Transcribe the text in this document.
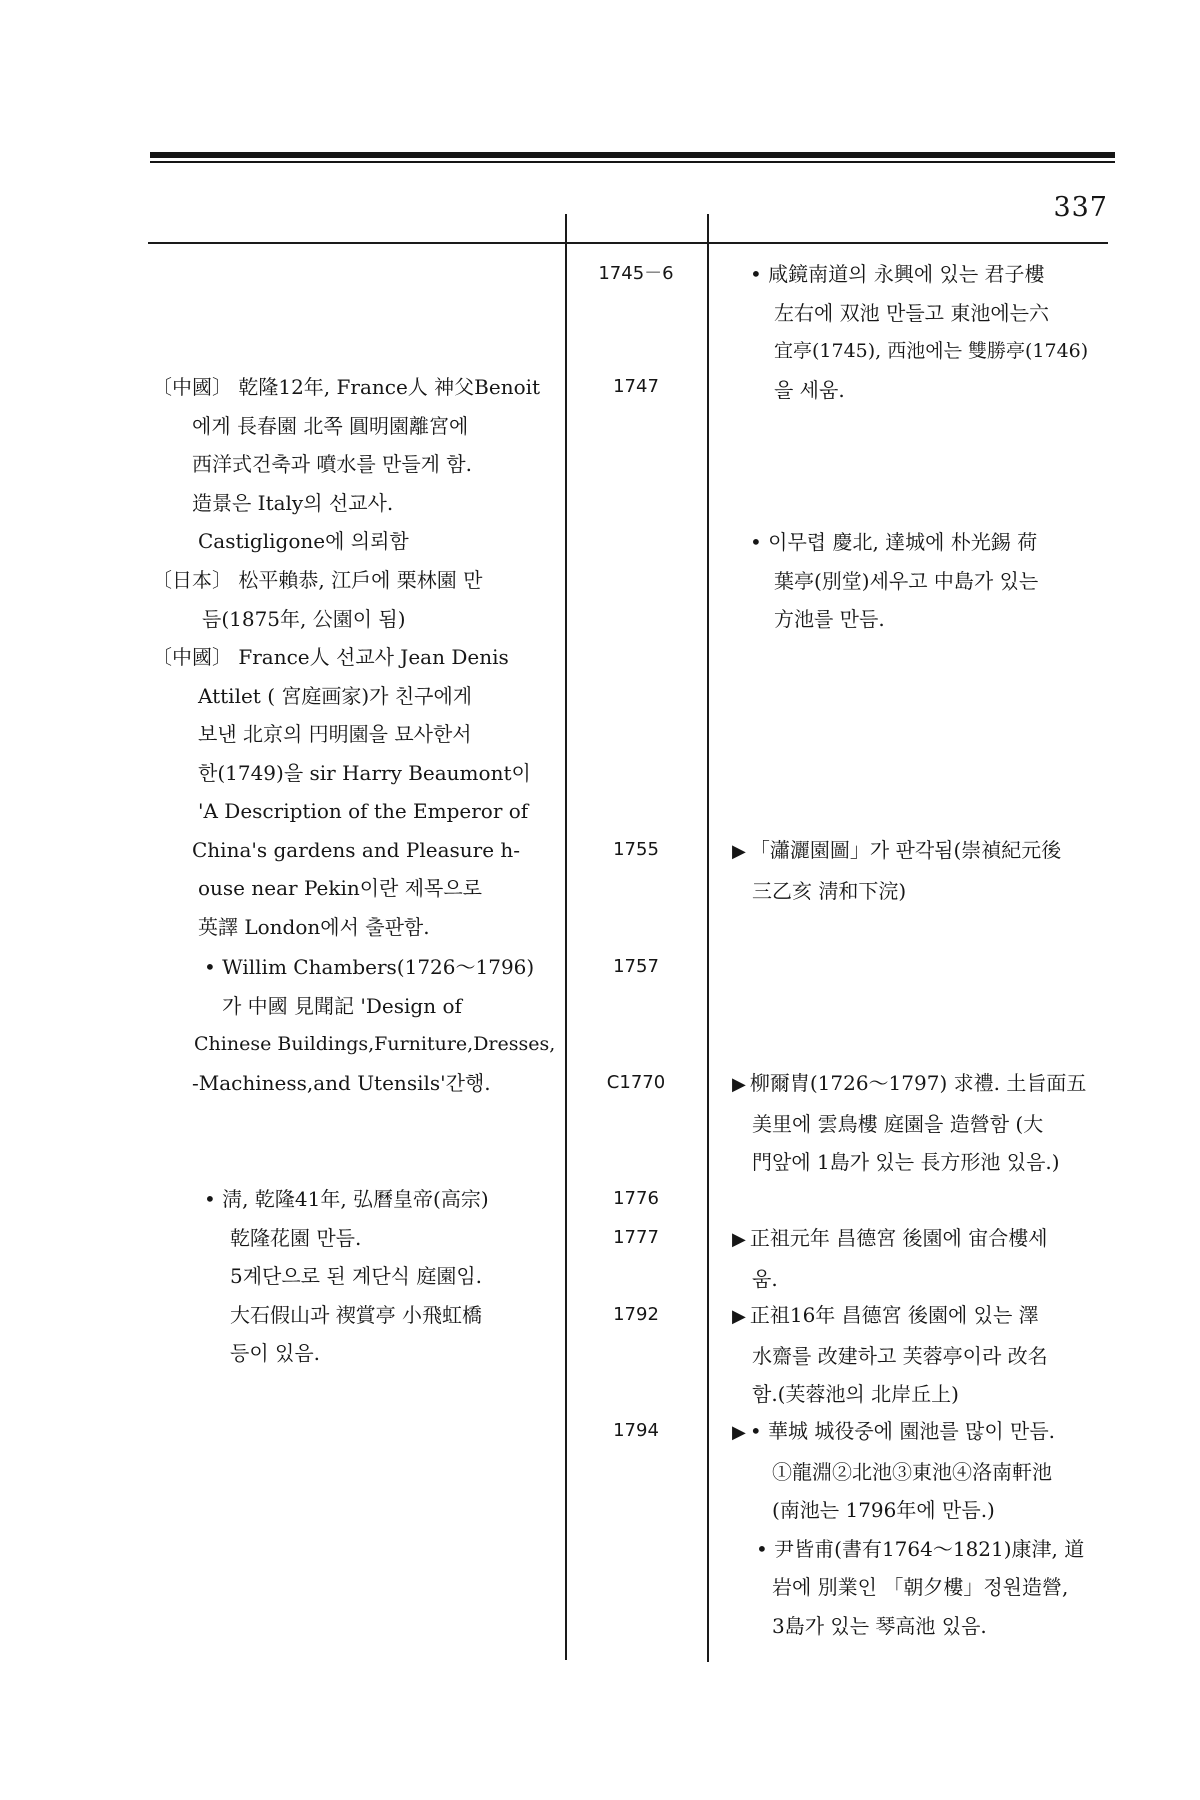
337
〔中國〕 乾隆12年, France人 神父Benoit
에게 長春園 北쪽 圓明園離宮에
西洋式건축과 噴水를 만들게 함.
造景은 Italy의 선교사.
Castigligone에 의뢰함
〔日本〕 松平賴恭, 江戶에 栗林園 만
듬(1875年, 公園이 됨)
〔中國〕 France人 선교사 Jean Denis
Attilet ( 宮庭画家)가 친구에게
보낸 北京의 円明園을 묘사한서
한(1749)을 sir Harry Beaumont이
'A Description of the Emperor of
China's gardens and Pleasure h-
ouse near Pekin이란 제목으로
英譯 London에서 출판함.
• Willim Chambers(1726～1796)
가 中國 見聞記 'Design of
Chinese Buildings,Furniture,Dresses,
-Machiness,and Utensils'간행.
• 淸, 乾隆41年, 弘曆皇帝(高宗)
乾隆花園 만듬.
5계단으로 된 계단식 庭園임.
大石假山과 禊賞亭 小飛虹橋
등이 있음.
1745－6
1747
1755
1757
C1770
1776
1777
1792
1794
• 咸鏡南道의 永興에 있는 君子樓
左右에 双池 만들고 東池에는六
宜亭(1745), 西池에는 雙勝亭(1746)
을 세움.
• 이무렵 慶北, 達城에 朴光錫 荷
葉亭(別堂)세우고 中島가 있는
方池를 만듬.
▶ 「瀟灑園圖」가 판각됨(崇禎紀元後
三乙亥 淸和下浣)
▶ 柳爾胄(1726～1797) 求禮. 土旨面五
美里에 雲鳥樓 庭園을 造營함 (大
門앞에 1島가 있는 長方形池 있음.)
▶ 正祖元年 昌德宮 後園에 宙合樓세
움.
▶ 正祖16年 昌德宮 後園에 있는 澤
水齋를 改建하고 芙蓉亭이라 改名
함.(芙蓉池의 北岸丘上)
▶ • 華城 城役중에 園池를 많이 만듬.
①龍淵②北池③東池④洛南軒池
(南池는 1796年에 만듬.)
• 尹皆甫(書有1764～1821)康津, 道
岩에 別業인 「朝夕樓」정원造營,
3島가 있는 琴高池 있음.
